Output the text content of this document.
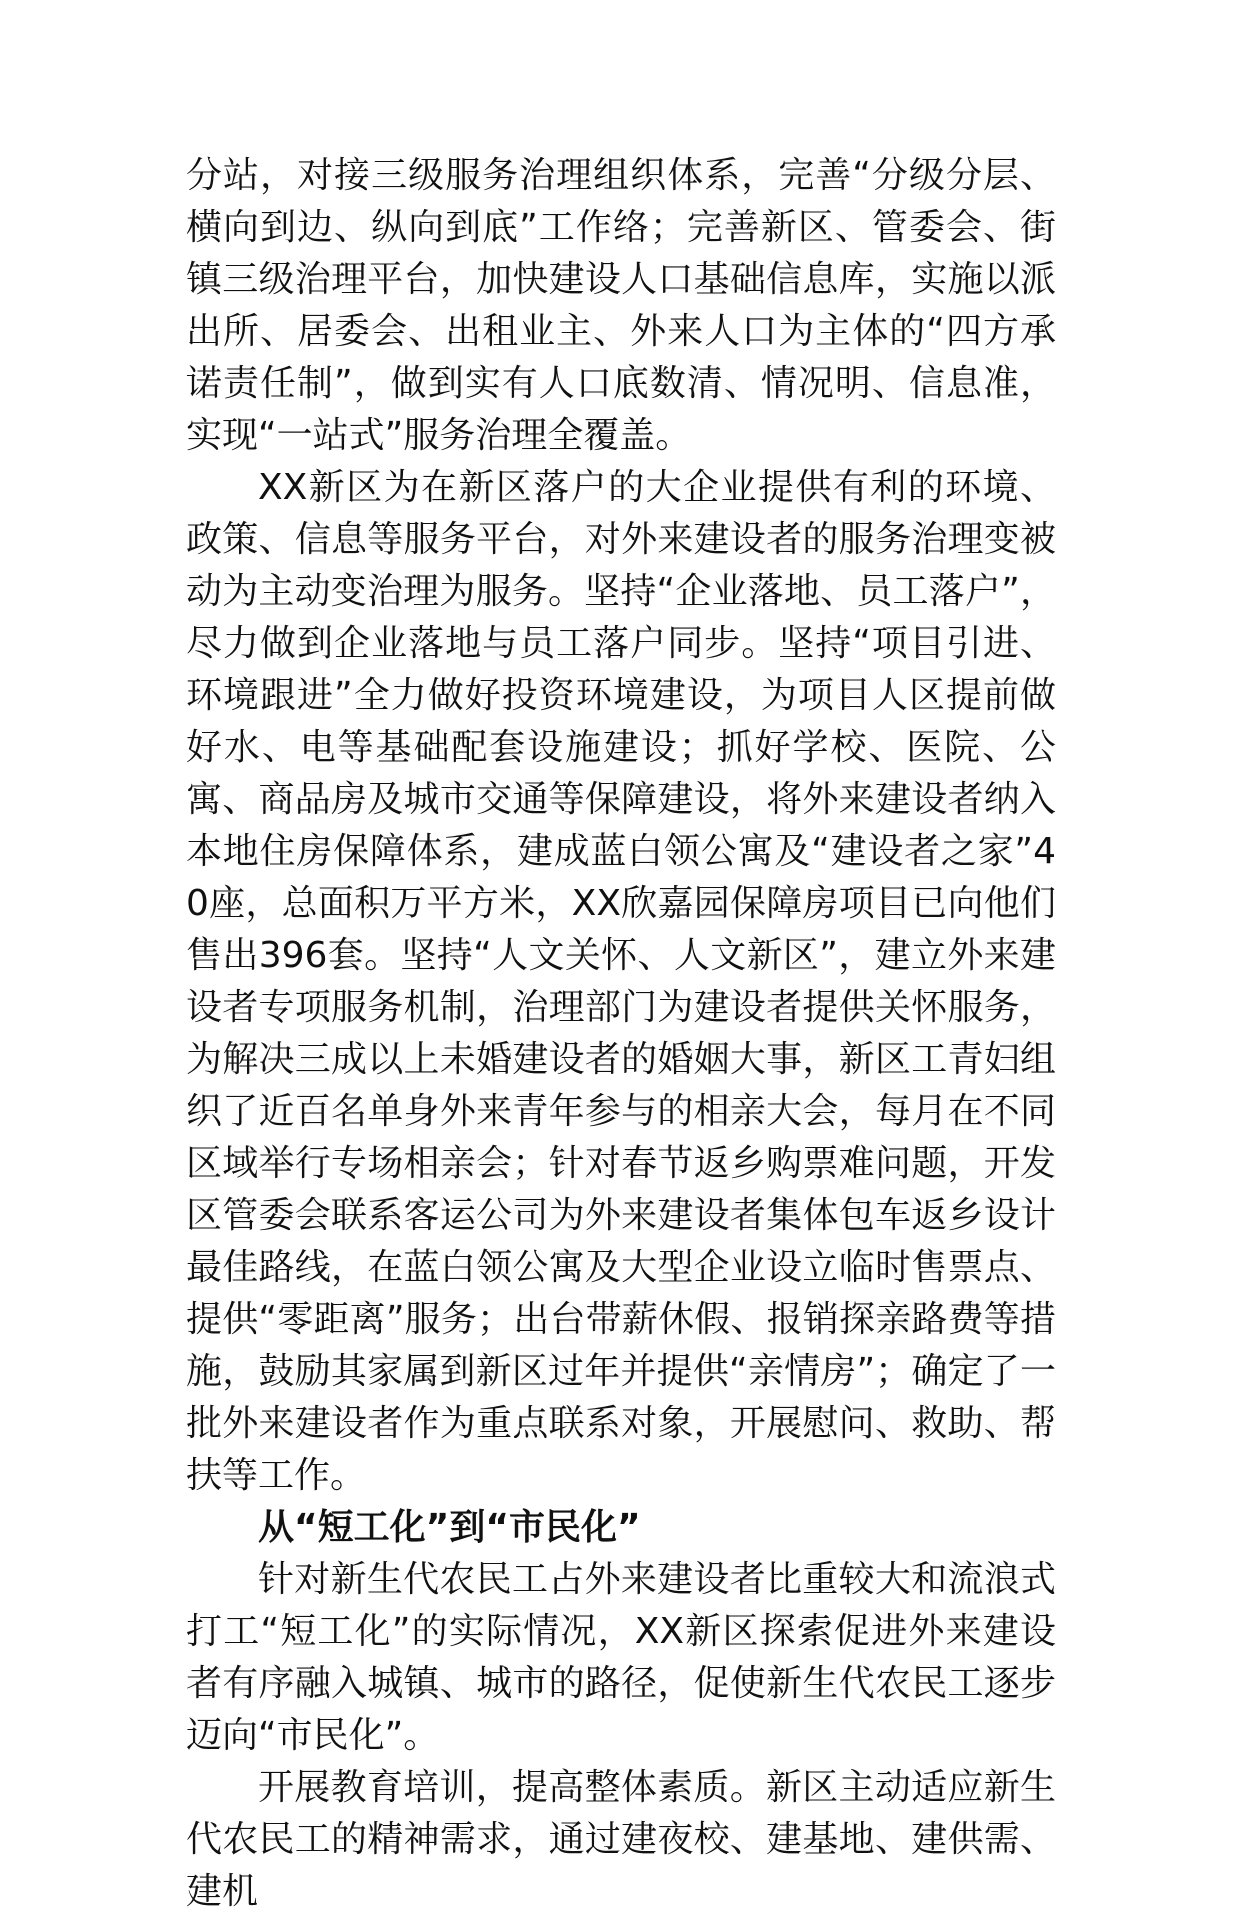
分站，对接三级服务治理组织体系，完善“分级分层、横向到边、纵向到底”工作络；完善新区、管委会、街镇三级治理平台，加快建设人口基础信息库，实施以派出所、居委会、出租业主、外来人口为主体的“四方承诺责任制”，做到实有人口底数清、情况明、信息准，实现“一站式”服务治理全覆盖。

XX新区为在新区落户的大企业提供有利的环境、政策、信息等服务平台，对外来建设者的服务治理变被动为主动变治理为服务。坚持“企业落地、员工落户”，尽力做到企业落地与员工落户同步。坚持“项目引进、环境跟进”全力做好投资环境建设，为项目人区提前做好水、电等基础配套设施建设；抓好学校、医院、公寓、商品房及城市交通等保障建设，将外来建设者纳入本地住房保障体系，建成蓝白领公寓及“建设者之家”40座，总面积万平方米，XX欣嘉园保障房项目已向他们售出396套。坚持“人文关怀、人文新区”，建立外来建设者专项服务机制，治理部门为建设者提供关怀服务，为解决三成以上未婚建设者的婚姻大事，新区工青妇组织了近百名单身外来青年参与的相亲大会，每月在不同区域举行专场相亲会；针对春节返乡购票难问题，开发区管委会联系客运公司为外来建设者集体包车返乡设计最佳路线，在蓝白领公寓及大型企业设立临时售票点、提供“零距离”服务；出台带薪休假、报销探亲路费等措施，鼓励其家属到新区过年并提供“亲情房”；确定了一批外来建设者作为重点联系对象，开展慰问、救助、帮扶等工作。

从“短工化”到“市民化”

针对新生代农民工占外来建设者比重较大和流浪式打工“短工化”的实际情况，XX新区探索促进外来建设者有序融入城镇、城市的路径，促使新生代农民工逐步迈向“市民化”。

开展教育培训，提高整体素质。新区主动适应新生代农民工的精神需求，通过建夜校、建基地、建供需、建机
